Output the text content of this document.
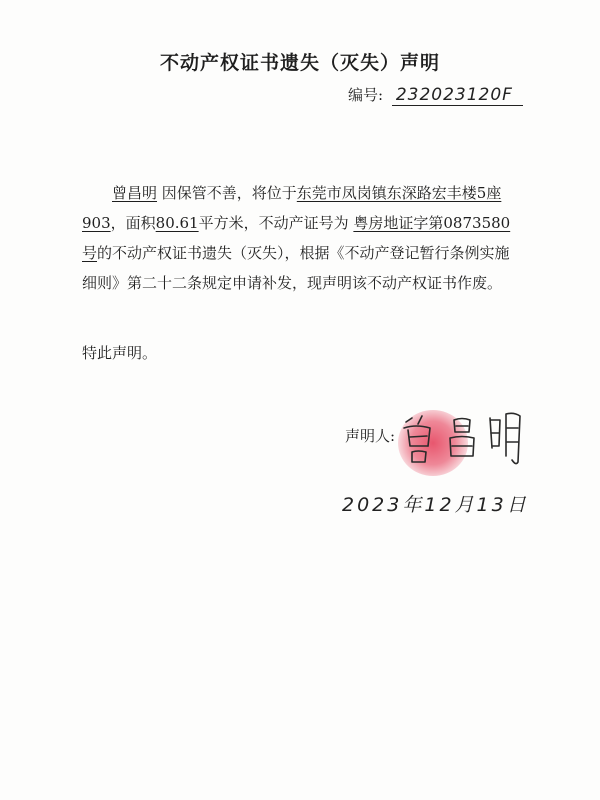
不动产权证书遗失（灭失）声明
编号: 232023120F
曾昌明 因保管不善，将位于东莞市凤岗镇东深路宏丰楼5座903，面积80.61平方米，不动产证号为 粤房地证字第0873580号的不动产权证书遗失（灭失），根据《不动产登记暂行条例实施细则》第二十二条规定申请补发，现声明该不动产权证书作废。
特此声明。
声明人:
2023年12月13日
